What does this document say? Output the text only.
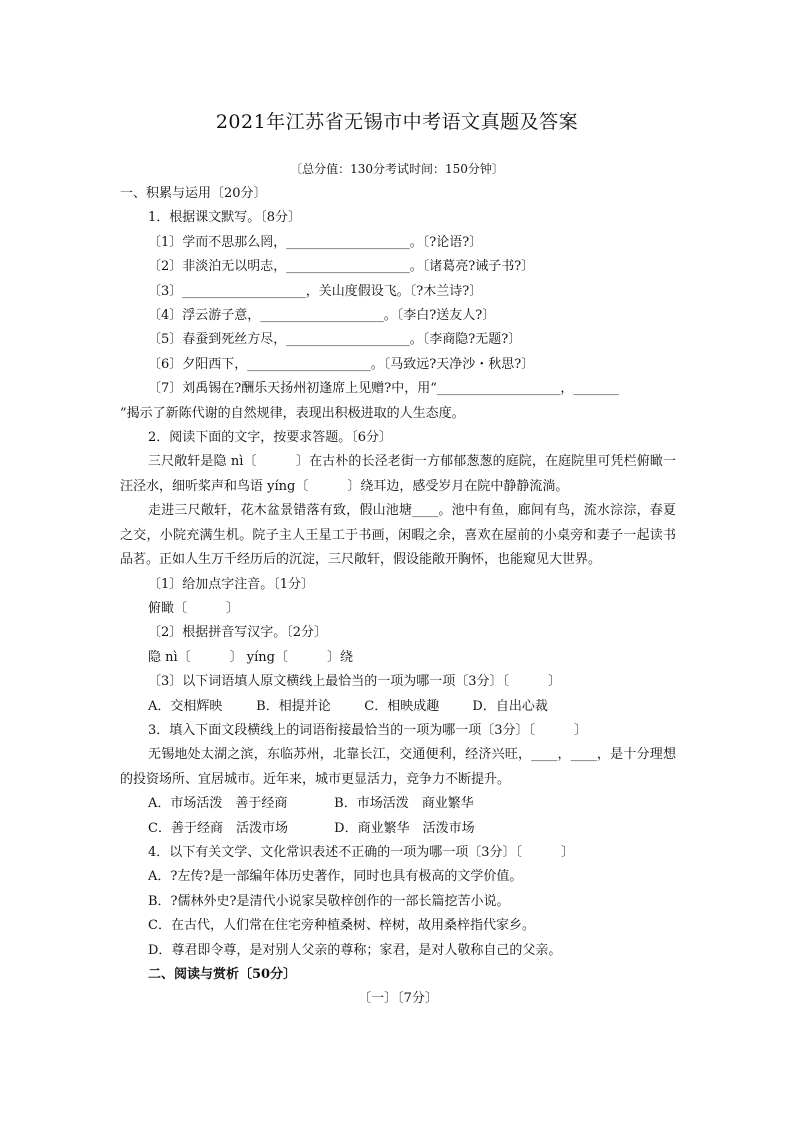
2021年江苏省无锡市中考语文真题及答案
〔总分值：130分考试时间：150分钟〕
一、积累与运用〔20分〕
1．根据课文默写。〔8分〕
〔1〕学而不思那么罔，___________________。〔?论语?〕
〔2〕非淡泊无以明志，___________________。〔诸葛亮?诫子书?〕
〔3〕___________________，关山度假设飞。〔?木兰诗?〕
〔4〕浮云游子意，___________________。〔李白?送友人?〕
〔5〕春蚕到死丝方尽，___________________。〔李商隐?无题?〕
〔6〕夕阳西下，___________________。〔马致远?天净沙・秋思?〕
〔7〕刘禹锡在?酬乐天扬州初逢席上见赠?中，用“___________________，_______
”揭示了新陈代谢的自然规律，表现出积极进取的人生态度。
2．阅读下面的文字，按要求答题。〔6分〕
三尺敞轩是隐 nì〔　　　〕在古朴的长泾老街一方郁郁葱葱的庭院，在庭院里可凭栏俯瞰一汪泾水，细听桨声和鸟语 yíng〔　　　〕绕耳边，感受岁月在院中静静流淌。
走进三尺敞轩，花木盆景错落有致，假山池塘____。池中有鱼，廊间有鸟，流水淙淙，春夏之交，小院充满生机。院子主人王星工于书画，闲暇之余，喜欢在屋前的小桌旁和妻子一起读书品茗。正如人生万千经历后的沉淀，三尺敞轩，假设能敞开胸怀，也能窥见大世界。
〔1〕给加点字注音。〔1分〕
俯瞰〔　　　〕
〔2〕根据拼音写汉字。〔2分〕
隐 nì〔　　　〕 yíng〔　　　〕绕
〔3〕以下词语填人原文横线上最恰当的一项为哪一项〔3分〕〔　　　〕
A．交相辉映	B．相提并论	C．相映成趣	D．自出心裁
3．填入下面文段横线上的词语衔接最恰当的一项为哪一项〔3分〕〔　　　〕
无锡地处太湖之滨，东临苏州，北靠长江，交通便利，经济兴旺，____，____，是十分理想的投资场所、宜居城市。近年来，城市更显活力，竞争力不断提升。
A．市场活泼　善于经商	B．市场活泼　商业繁华
C．善于经商　活泼市场	D．商业繁华　活泼市场
4．以下有关文学、文化常识表述不正确的一项为哪一项〔3分〕〔　　　〕
A．?左传?是一部编年体历史著作，同时也具有极高的文学价值。
B．?儒林外史?是清代小说家吴敬梓创作的一部长篇挖苦小说。
C．在古代，人们常在住宅旁种植桑树、梓树，故用桑梓指代家乡。
D．尊君即令尊，是对别人父亲的尊称；家君，是对人敬称自己的父亲。
二、阅读与赏析〔50分〕
〔一〕〔7分〕
